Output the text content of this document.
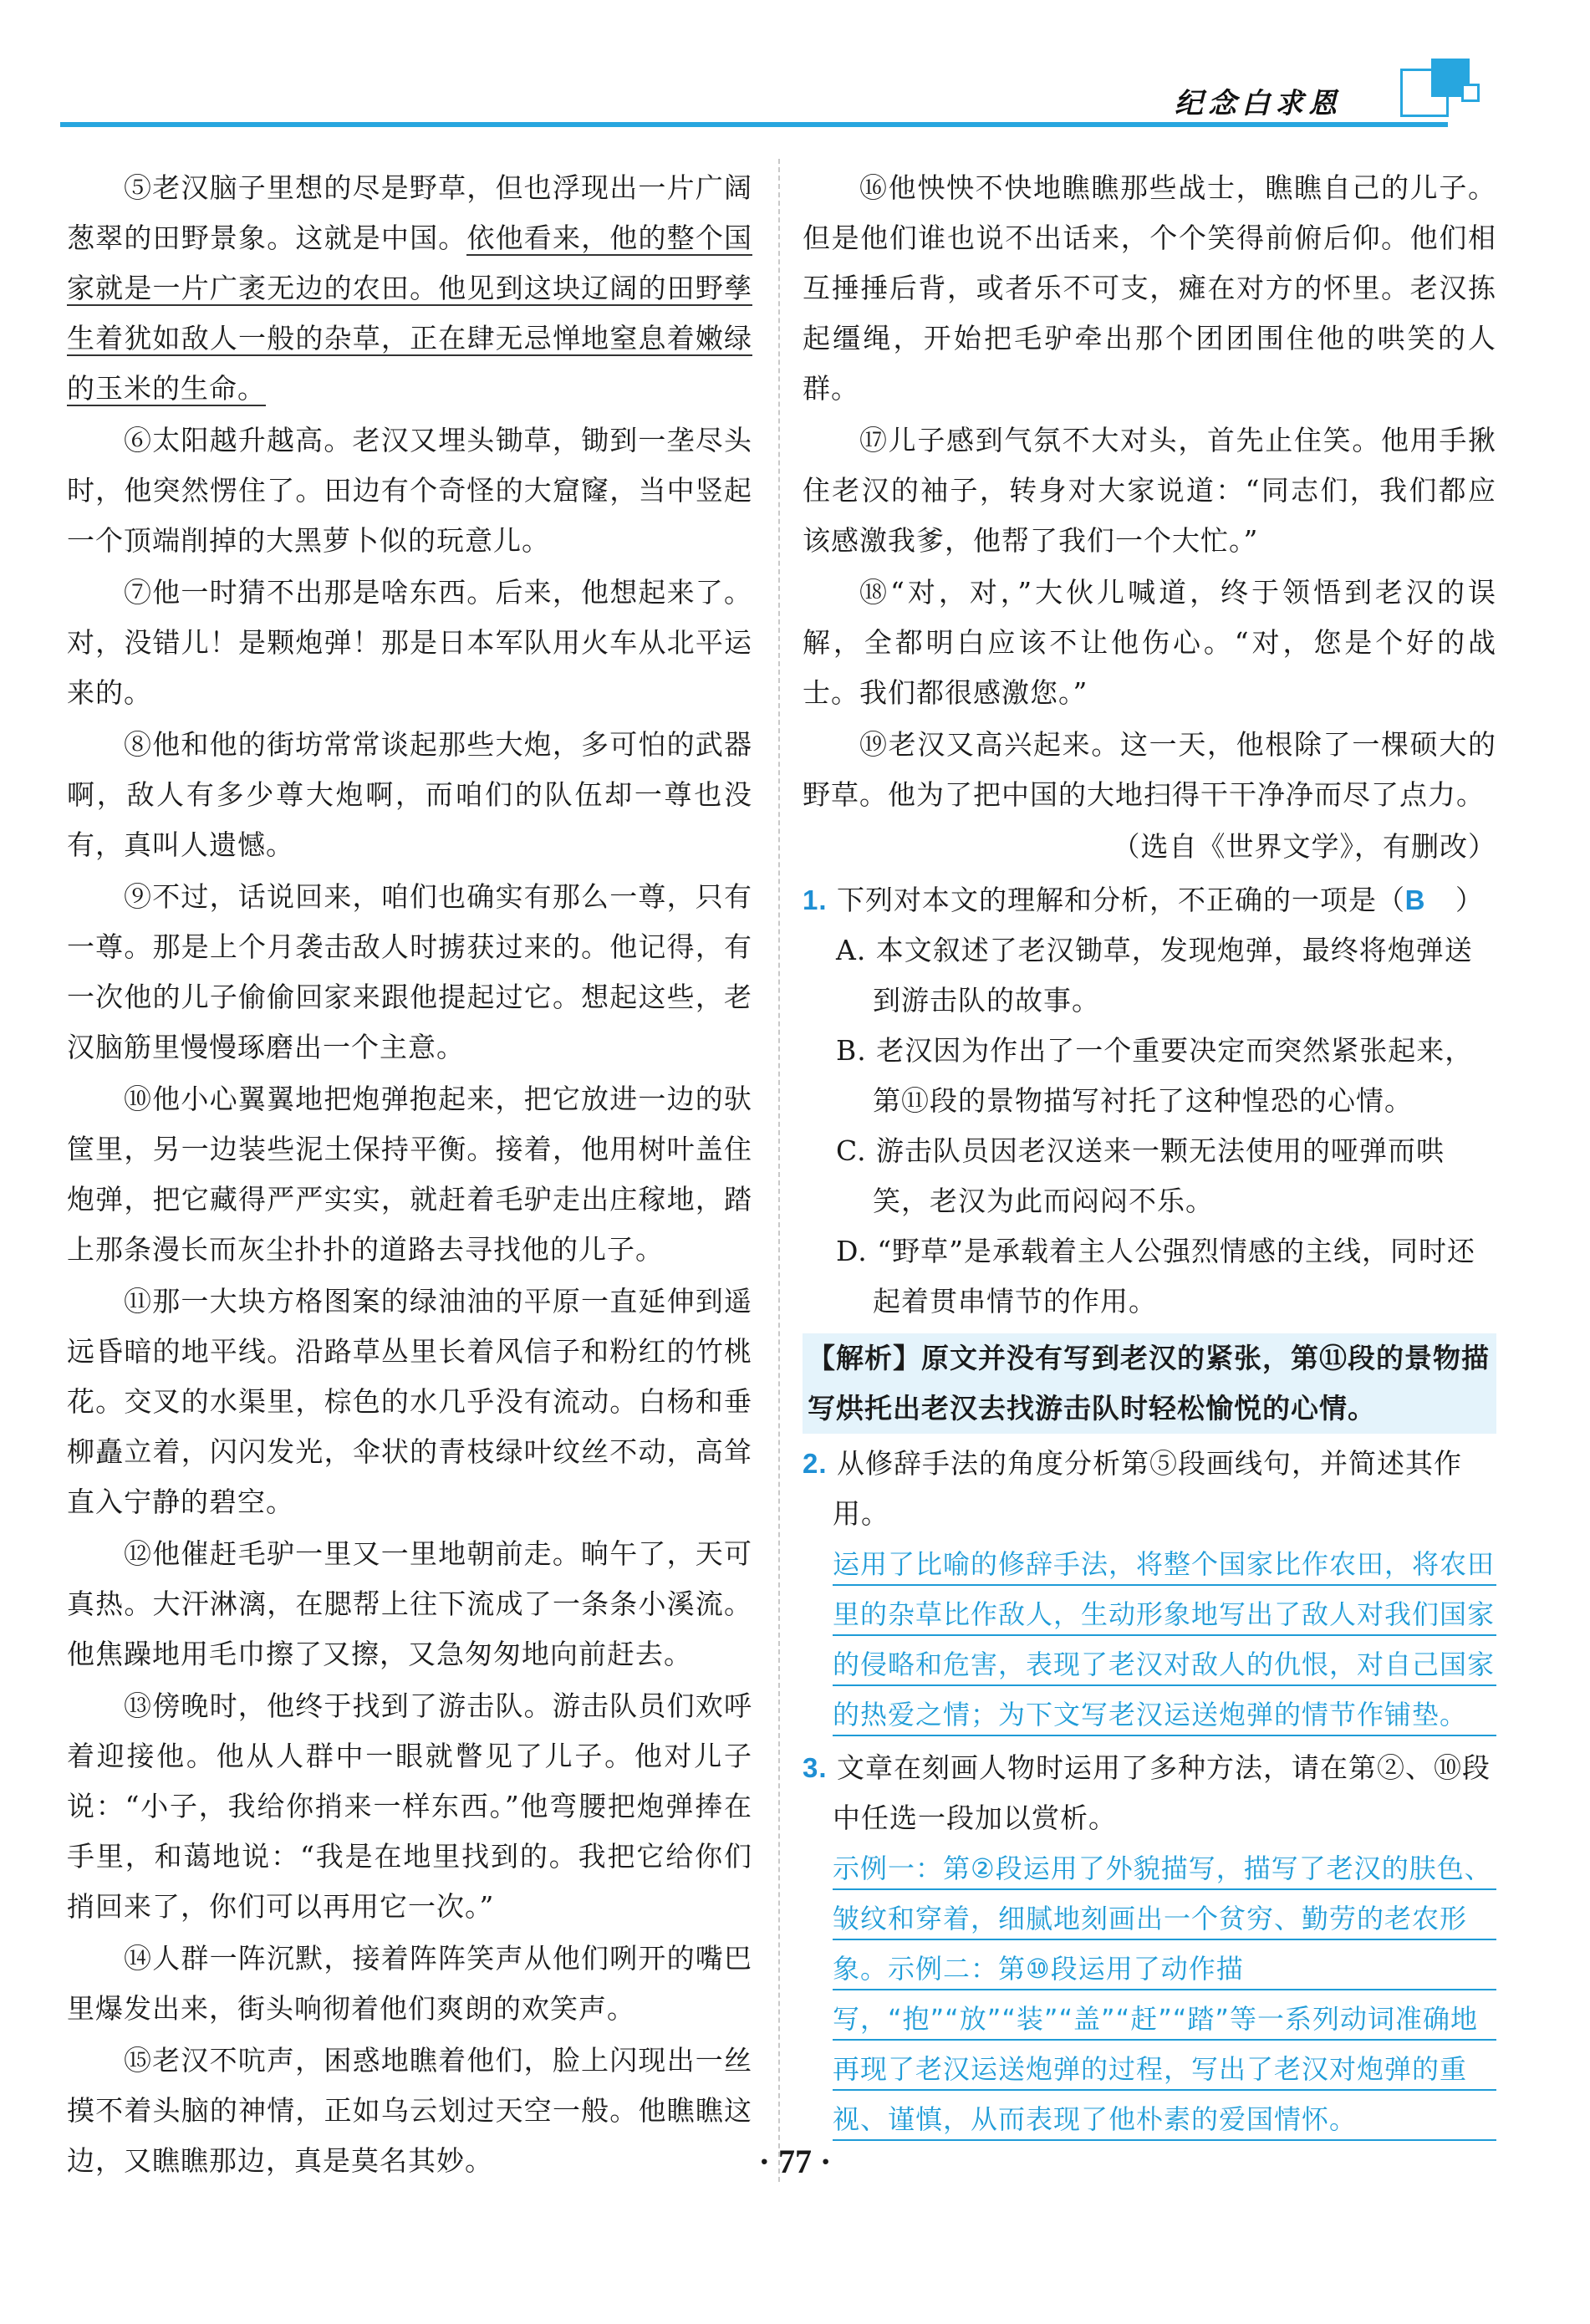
纪念白求恩

⑤老汉脑子里想的尽是野草，但也浮现出一片广阔葱翠的田野景象。这就是中国。依他看来，他的整个国家就是一片广袤无边的农田。他见到这块辽阔的田野孳生着犹如敌人一般的杂草，正在肆无忌惮地窒息着嫩绿的玉米的生命。

⑥太阳越升越高。老汉又埋头锄草，锄到一垄尽头时，他突然愣住了。田边有个奇怪的大窟窿，当中竖起一个顶端削掉的大黑萝卜似的玩意儿。

⑦他一时猜不出那是啥东西。后来，他想起来了。对，没错儿！是颗炮弹！那是日本军队用火车从北平运来的。

⑧他和他的街坊常常谈起那些大炮，多可怕的武器啊，敌人有多少尊大炮啊，而咱们的队伍却一尊也没有，真叫人遗憾。

⑨不过，话说回来，咱们也确实有那么一尊，只有一尊。那是上个月袭击敌人时掳获过来的。他记得，有一次他的儿子偷偷回家来跟他提起过它。想起这些，老汉脑筋里慢慢琢磨出一个主意。

⑩他小心翼翼地把炮弹抱起来，把它放进一边的驮筐里，另一边装些泥土保持平衡。接着，他用树叶盖住炮弹，把它藏得严严实实，就赶着毛驴走出庄稼地，踏上那条漫长而灰尘扑扑的道路去寻找他的儿子。

⑪那一大块方格图案的绿油油的平原一直延伸到遥远昏暗的地平线。沿路草丛里长着风信子和粉红的竹桃花。交叉的水渠里，棕色的水几乎没有流动。白杨和垂柳矗立着，闪闪发光，伞状的青枝绿叶纹丝不动，高耸直入宁静的碧空。

⑫他催赶毛驴一里又一里地朝前走。晌午了，天可真热。大汗淋漓，在腮帮上往下流成了一条条小溪流。他焦躁地用毛巾擦了又擦，又急匆匆地向前赶去。

⑬傍晚时，他终于找到了游击队。游击队员们欢呼着迎接他。他从人群中一眼就瞥见了儿子。他对儿子说：“小子，我给你捎来一样东西。”他弯腰把炮弹捧在手里，和蔼地说：“我是在地里找到的。我把它给你们捎回来了，你们可以再用它一次。”

⑭人群一阵沉默，接着阵阵笑声从他们咧开的嘴巴里爆发出来，街头响彻着他们爽朗的欢笑声。

⑮老汉不吭声，困惑地瞧着他们，脸上闪现出一丝摸不着头脑的神情，正如乌云划过天空一般。他瞧瞧这边，又瞧瞧那边，真是莫名其妙。

⑯他怏怏不快地瞧瞧那些战士，瞧瞧自己的儿子。但是他们谁也说不出话来，个个笑得前俯后仰。他们相互捶捶后背，或者乐不可支，瘫在对方的怀里。老汉拣起缰绳，开始把毛驴牵出那个团团围住他的哄笑的人群。

⑰儿子感到气氛不大对头，首先止住笑。他用手揪住老汉的袖子，转身对大家说道：“同志们，我们都应该感激我爹，他帮了我们一个大忙。”

⑱“对，对，”大伙儿喊道，终于领悟到老汉的误解，全都明白应该不让他伤心。“对，您是个好的战士。我们都很感激您。”

⑲老汉又高兴起来。这一天，他根除了一棵硕大的野草。他为了把中国的大地扫得干干净净而尽了点力。

（选自《世界文学》，有删改）

1. 下列对本文的理解和分析，不正确的一项是（B ）

A. 本文叙述了老汉锄草，发现炮弹，最终将炮弹送到游击队的故事。

B. 老汉因为作出了一个重要决定而突然紧张起来，第⑪段的景物描写衬托了这种惶恐的心情。

C. 游击队员因老汉送来一颗无法使用的哑弹而哄笑，老汉为此而闷闷不乐。

D. “野草”是承载着主人公强烈情感的主线，同时还起着贯串情节的作用。

【解析】原文并没有写到老汉的紧张，第⑪段的景物描写烘托出老汉去找游击队时轻松愉悦的心情。

2. 从修辞手法的角度分析第⑤段画线句，并简述其作用。

运用了比喻的修辞手法，将整个国家比作农田，将农田里的杂草比作敌人，生动形象地写出了敌人对我们国家的侵略和危害，表现了老汉对敌人的仇恨，对自己国家的热爱之情；为下文写老汉运送炮弹的情节作铺垫。

3. 文章在刻画人物时运用了多种方法，请在第②、⑩段中任选一段加以赏析。

示例一：第②段运用了外貌描写，描写了老汉的肤色、皱纹和穿着，细腻地刻画出一个贫穷、勤劳的老农形象。示例二：第⑩段运用了动作描写，“抱”“放”“装”“盖”“赶”“踏”等一系列动词准确地再现了老汉运送炮弹的过程，写出了老汉对炮弹的重视、谨慎，从而表现了他朴素的爱国情怀。

· 77 ·
